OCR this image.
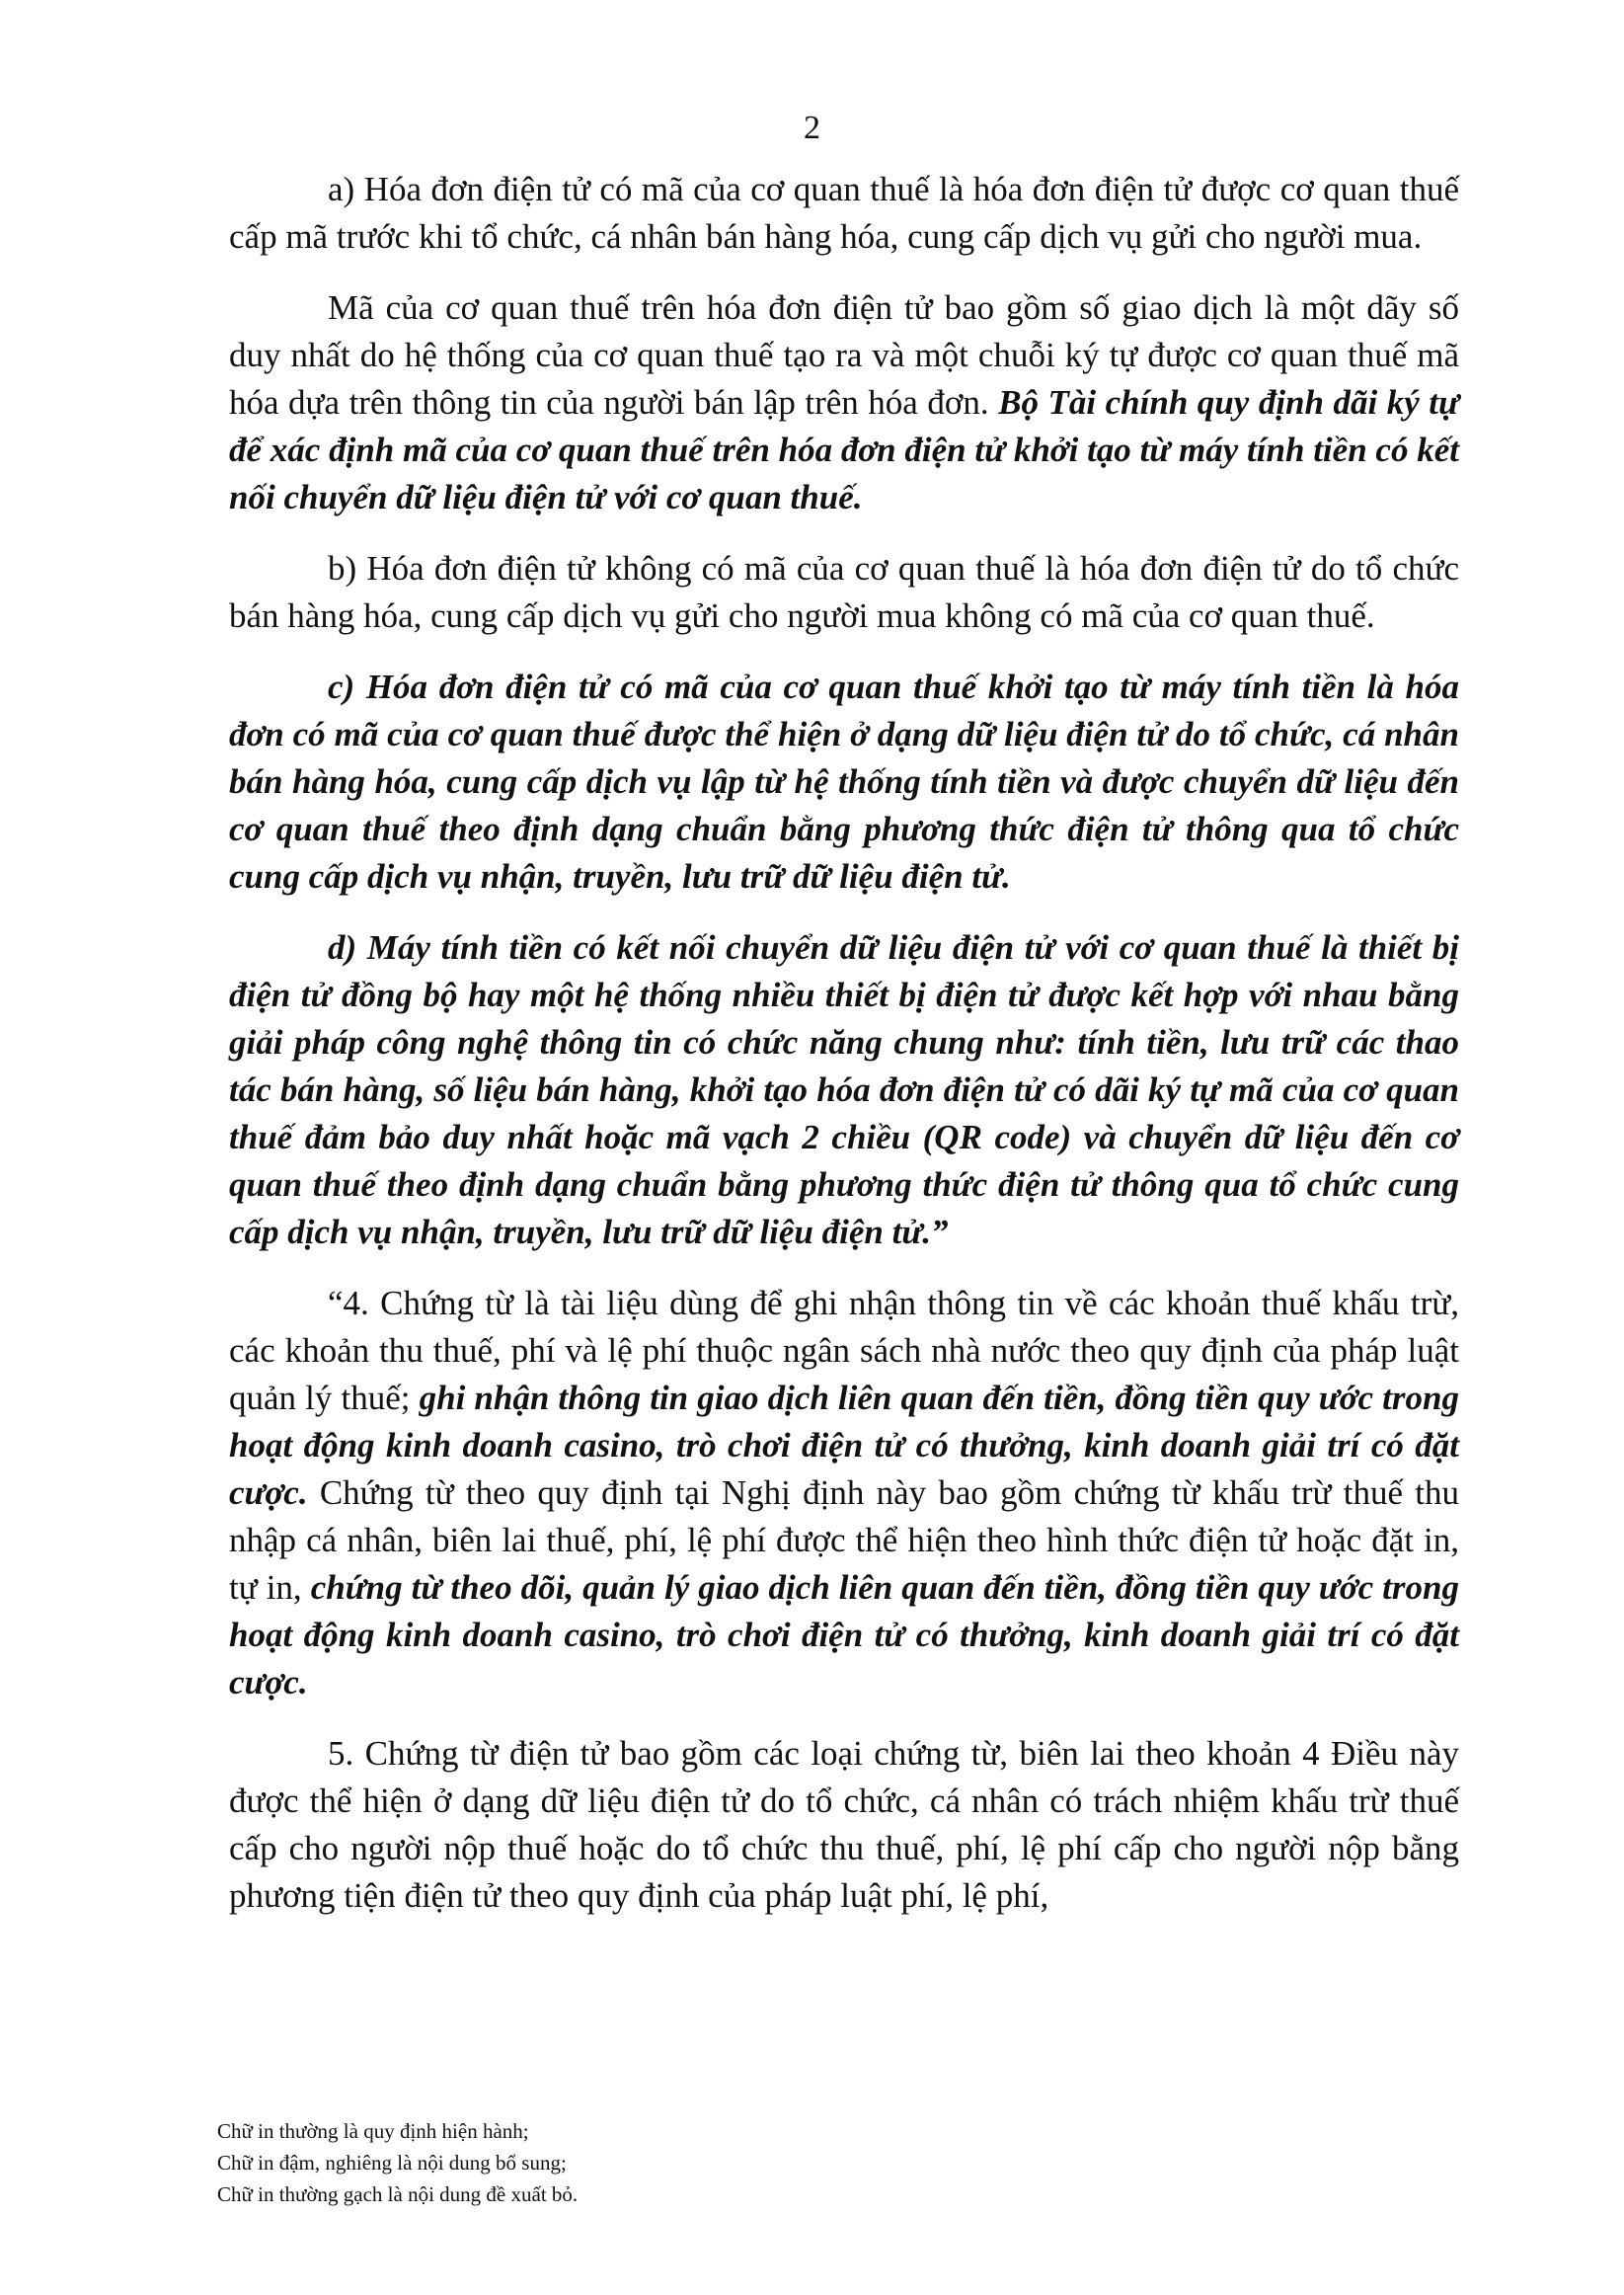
2

a) Hóa đơn điện tử có mã của cơ quan thuế là hóa đơn điện tử được cơ quan thuế cấp mã trước khi tổ chức, cá nhân bán hàng hóa, cung cấp dịch vụ gửi cho người mua.

Mã của cơ quan thuế trên hóa đơn điện tử bao gồm số giao dịch là một dãy số duy nhất do hệ thống của cơ quan thuế tạo ra và một chuỗi ký tự được cơ quan thuế mã hóa dựa trên thông tin của người bán lập trên hóa đơn. Bộ Tài chính quy định dãi ký tự để xác định mã của cơ quan thuế trên hóa đơn điện tử khởi tạo từ máy tính tiền có kết nối chuyển dữ liệu điện tử với cơ quan thuế.

b) Hóa đơn điện tử không có mã của cơ quan thuế là hóa đơn điện tử do tổ chức bán hàng hóa, cung cấp dịch vụ gửi cho người mua không có mã của cơ quan thuế.

c) Hóa đơn điện tử có mã của cơ quan thuế khởi tạo từ máy tính tiền là hóa đơn có mã của cơ quan thuế được thể hiện ở dạng dữ liệu điện tử do tổ chức, cá nhân bán hàng hóa, cung cấp dịch vụ lập từ hệ thống tính tiền và được chuyển dữ liệu đến cơ quan thuế theo định dạng chuẩn bằng phương thức điện tử thông qua tổ chức cung cấp dịch vụ nhận, truyền, lưu trữ dữ liệu điện tử.

d) Máy tính tiền có kết nối chuyển dữ liệu điện tử với cơ quan thuế là thiết bị điện tử đồng bộ hay một hệ thống nhiều thiết bị điện tử được kết hợp với nhau bằng giải pháp công nghệ thông tin có chức năng chung như: tính tiền, lưu trữ các thao tác bán hàng, số liệu bán hàng, khởi tạo hóa đơn điện tử có dãi ký tự mã của cơ quan thuế đảm bảo duy nhất hoặc mã vạch 2 chiều (QR code) và chuyển dữ liệu đến cơ quan thuế theo định dạng chuẩn bằng phương thức điện tử thông qua tổ chức cung cấp dịch vụ nhận, truyền, lưu trữ dữ liệu điện tử.”

“4. Chứng từ là tài liệu dùng để ghi nhận thông tin về các khoản thuế khấu trừ, các khoản thu thuế, phí và lệ phí thuộc ngân sách nhà nước theo quy định của pháp luật quản lý thuế; ghi nhận thông tin giao dịch liên quan đến tiền, đồng tiền quy ước trong hoạt động kinh doanh casino, trò chơi điện tử có thưởng, kinh doanh giải trí có đặt cược. Chứng từ theo quy định tại Nghị định này bao gồm chứng từ khấu trừ thuế thu nhập cá nhân, biên lai thuế, phí, lệ phí được thể hiện theo hình thức điện tử hoặc đặt in, tự in, chứng từ theo dõi, quản lý giao dịch liên quan đến tiền, đồng tiền quy ước trong hoạt động kinh doanh casino, trò chơi điện tử có thưởng, kinh doanh giải trí có đặt cược.

5. Chứng từ điện tử bao gồm các loại chứng từ, biên lai theo khoản 4 Điều này được thể hiện ở dạng dữ liệu điện tử do tổ chức, cá nhân có trách nhiệm khấu trừ thuế cấp cho người nộp thuế hoặc do tổ chức thu thuế, phí, lệ phí cấp cho người nộp bằng phương tiện điện tử theo quy định của pháp luật phí, lệ phí,

Chữ in thường là quy định hiện hành;
Chữ in đậm, nghiêng là nội dung bổ sung;
Chữ in thường gạch là nội dung đề xuất bỏ.
